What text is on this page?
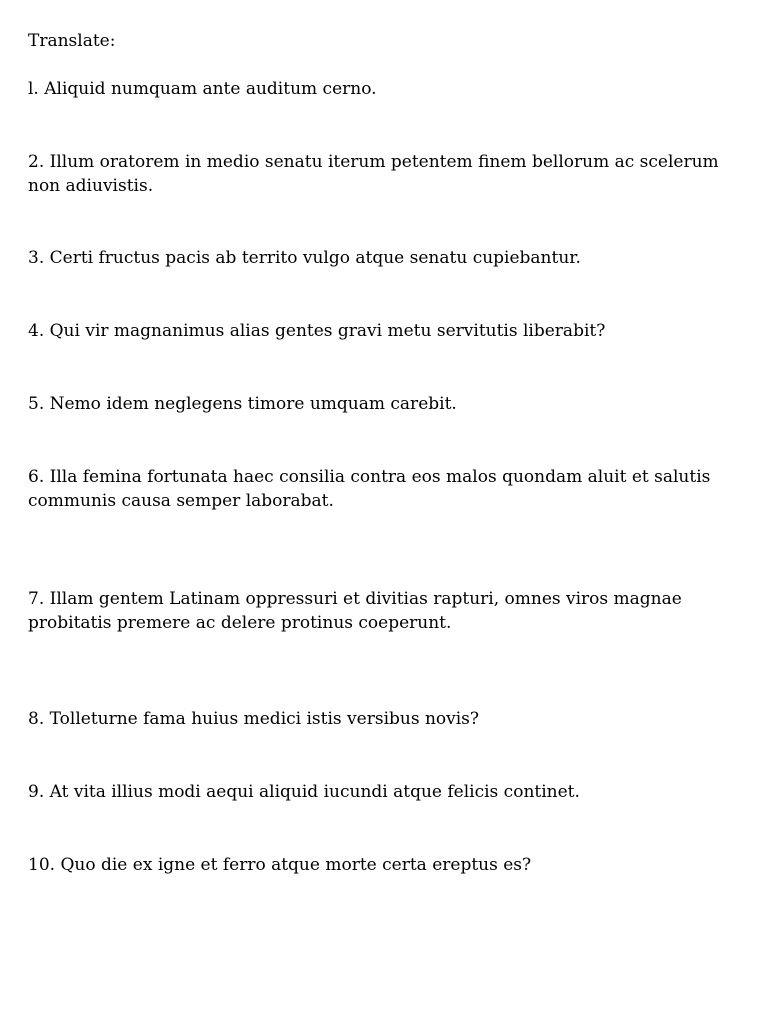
Translate:
l. Aliquid numquam ante auditum cerno.
2. Illum oratorem in medio senatu iterum petentem finem bellorum ac scelerum non adiuvistis.
3. Certi fructus pacis ab territo vulgo atque senatu cupiebantur.
4. Qui vir magnanimus alias gentes gravi metu servitutis liberabit?
5. Nemo idem neglegens timore umquam carebit.
6. Illa femina fortunata haec consilia contra eos malos quondam aluit et salutis communis causa semper laborabat.
7. Illam gentem Latinam oppressuri et divitias rapturi, omnes viros magnae probitatis premere ac delere protinus coeperunt.
8. Tolleturne fama huius medici istis versibus novis?
9. At vita illius modi aequi aliquid iucundi atque felicis continet.
10. Quo die ex igne et ferro atque morte certa ereptus es?
